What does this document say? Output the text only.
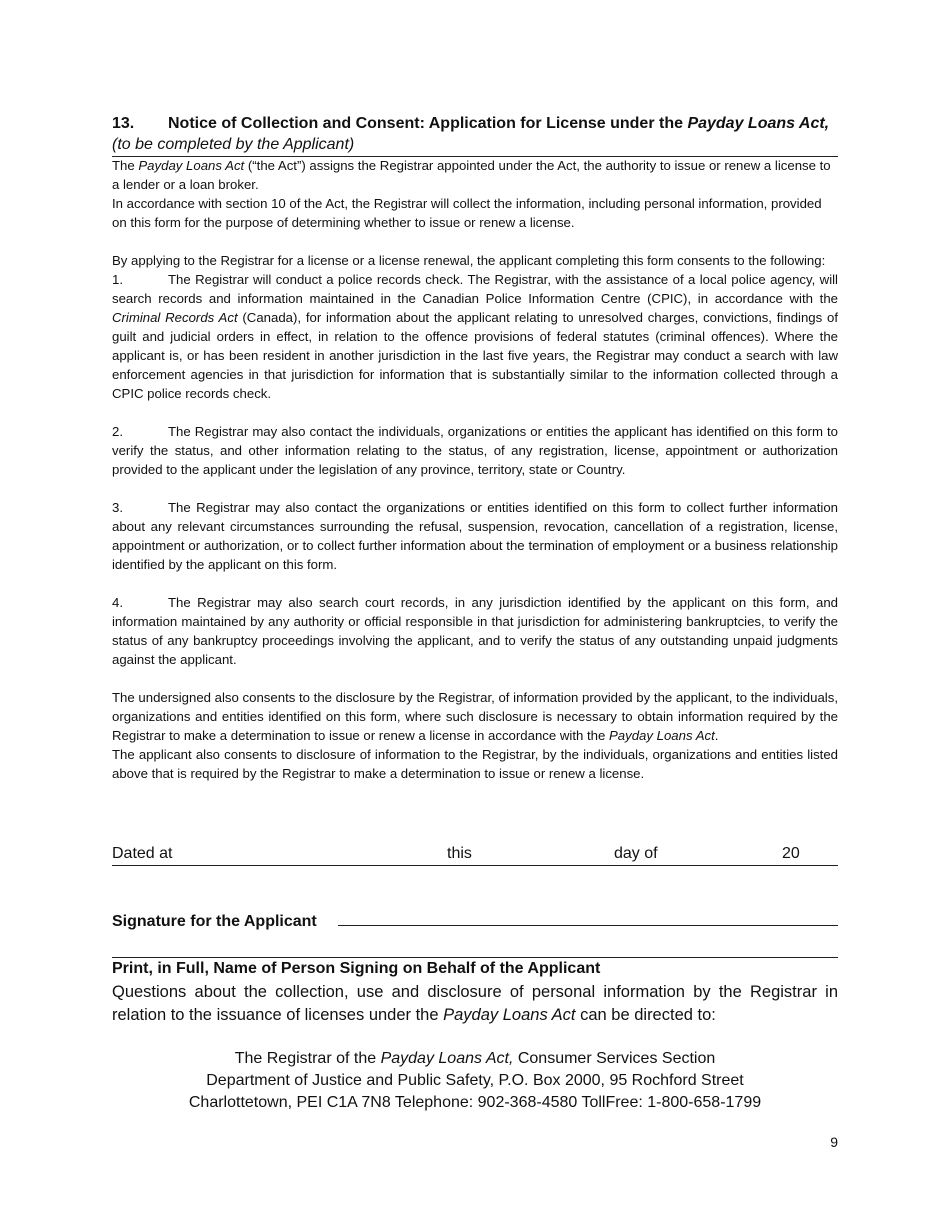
13. Notice of Collection and Consent: Application for License under the Payday Loans Act,
(to be completed by the Applicant)

The Payday Loans Act (“the Act”) assigns the Registrar appointed under the Act, the authority to issue or renew a license to a lender or a loan broker.

In accordance with section 10 of the Act, the Registrar will collect the information, including personal information, provided on this form for the purpose of determining whether to issue or renew a license.

By applying to the Registrar for a license or a license renewal, the applicant completing this form consents to the following:

1.	The Registrar will conduct a police records check. The Registrar, with the assistance of a local police agency, will search records and information maintained in the Canadian Police Information Centre (CPIC), in accordance with the Criminal Records Act (Canada), for information about the applicant relating to unresolved charges, convictions, findings of guilt and judicial orders in effect, in relation to the offence provisions of federal statutes (criminal offences). Where the applicant is, or has been resident in another jurisdiction in the last five years, the Registrar may conduct a search with law enforcement agencies in that jurisdiction for information that is substantially similar to the information collected through a CPIC police records check.

2.	The Registrar may also contact the individuals, organizations or entities the applicant has identified on this form to verify the status, and other information relating to the status, of any registration, license, appointment or authorization provided to the applicant under the legislation of any province, territory, state or Country.

3.	The Registrar may also contact the organizations or entities identified on this form to collect further information about any relevant circumstances surrounding the refusal, suspension, revocation, cancellation of a registration, license, appointment or authorization, or to collect further information about the termination of employment or a business relationship identified by the applicant on this form.

4.	The Registrar may also search court records, in any jurisdiction identified by the applicant on this form, and information maintained by any authority or official responsible in that jurisdiction for administering bankruptcies, to verify the status of any bankruptcy proceedings involving the applicant, and to verify the status of any outstanding unpaid judgments against the applicant.

The undersigned also consents to the disclosure by the Registrar, of information provided by the applicant, to the individuals, organizations and entities identified on this form, where such disclosure is necessary to obtain information required by the Registrar to make a determination to issue or renew a license in accordance with the Payday Loans Act.

The applicant also consents to disclosure of information to the Registrar, by the individuals, organizations and entities listed above that is required by the Registrar to make a determination to issue or renew a license.

Dated at	this	day of	20
Signature for the Applicant
Print, in Full, Name of Person Signing on Behalf of the Applicant
Questions about the collection, use and disclosure of personal information by the Registrar in relation to the issuance of licenses under the Payday Loans Act can be directed to:
The Registrar of the Payday Loans Act, Consumer Services Section
Department of Justice and Public Safety, P.O. Box 2000, 95 Rochford Street
Charlottetown, PEI C1A 7N8 Telephone: 902-368-4580 TollFree: 1-800-658-1799
9
